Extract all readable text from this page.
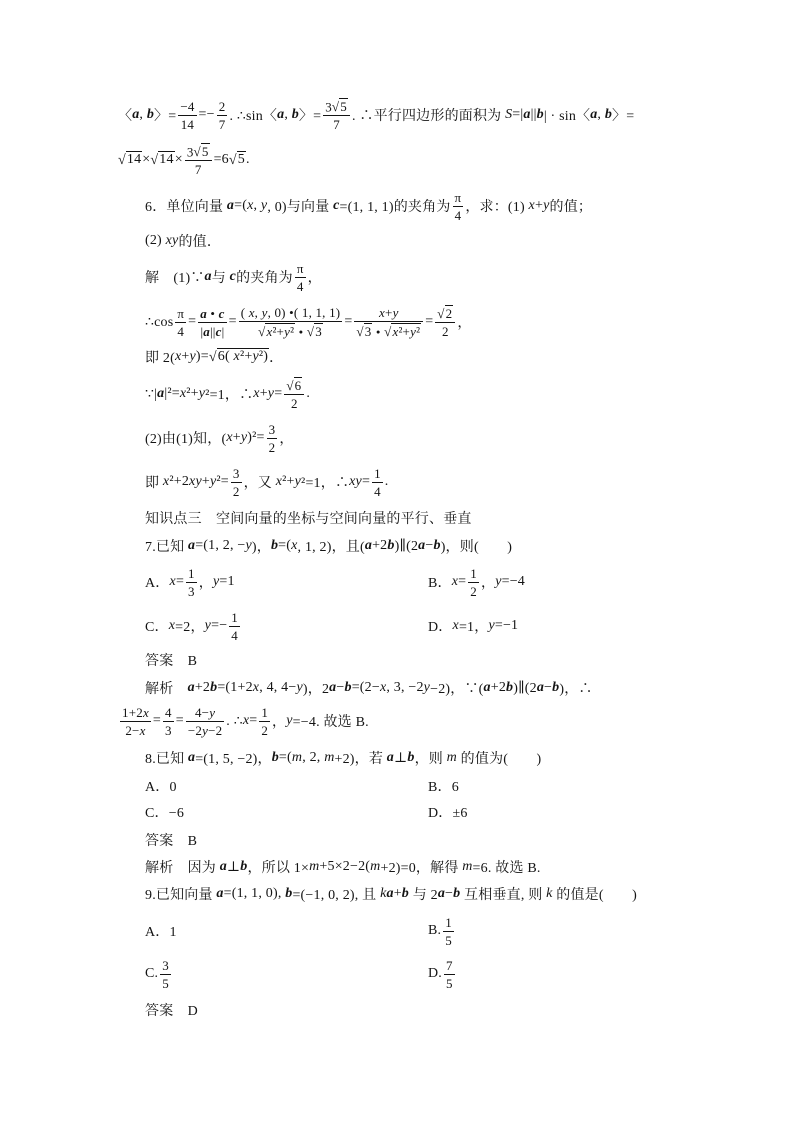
〈 a , b 〉= $\frac{-4}{14} =- \frac{2}{7}$ . ∴sin〈 a , b 〉= 3
√ 5
7 . ∴平行四边形的面积为 S =| a || b | · sin〈 a , b 〉=
√
14 ×
√ 14 × 3
√ 5
7 =6
√ 5 .
6．单位向量 a =( x , y , 0)与向量 c =(1, 1, 1)的夹角为 $\frac{\pi}{4}$ ，求：(1) x + y 的值；
(2) xy 的值．
解　(1)∵ a 与 c 的夹角为 $\frac{\pi}{4}$ ，
∴cos $\frac{\pi}{4} = \frac{a • c}{|a||c|}$ = ( x, y, 0) •( 1, 1, 1)
√
x²+y² •
√ 3 = x+y
√
3 •
√ x²+y² =
√ $\frac{2}{2}$ ，
即 2( x + y )=
√ 6( x²+y²) ．
∵| a |²= x ²+ y ²=1，∴ x + y =
√ $\frac{6}{2}$ .
(2)由(1)知，( x + y )$^2= \frac{3}{2}$ ，
即 x ²+2 xy + y $^2= \frac{3}{2}$ ，又 x ²+ y ²=1，∴ xy = $\frac{1}{4}$ .
知识点三　空间向量的坐标与空间向量的平行、垂直
7.已知 a =(1, 2, − y )， b =( x , 1, 2)，且( a +2 b )∥(2 a − b )，则(　　)
A． $x = \frac{1}{3}$ ， y =1	B． $x = \frac{1}{2}$ ， y =−4
C． x =2， $y =- \frac{1}{4}$	D． x =1， y =−1
答案　B
解析　 a +2 b =(1+2 x , 4, 4− y )，2 a − b =(2− x , 3, −2 y −2)，∵( a +2 b )∥(2 a − b )，∴
$\frac{1+2x}{2-x} = \frac{4}{3} = \frac{4-y}{-2y-2}$ . ∴ $x = \frac{1}{2}$ ， y =−4. 故选 B.
8.已知 a =(1, 5, −2)， b =( m , 2, m +2)，若 a ⊥ b ，则 m 的值为(　　)
A．0	B．6
C．−6	D．±6
答案　B
解析　因为 a ⊥ b ，所以 1× m +5×2−2( m +2)=0，解得 m =6. 故选 B.
9.已知向量 a =(1, 1, 0), b =(−1, 0, 2), 且 k a + b 与 2 a − b 互相垂直, 则 k 的值是(　　)
A．1	B. $\frac{1}{5}$
C. $\frac{3}{5}$	D. $\frac{7}{5}$
答案　D
